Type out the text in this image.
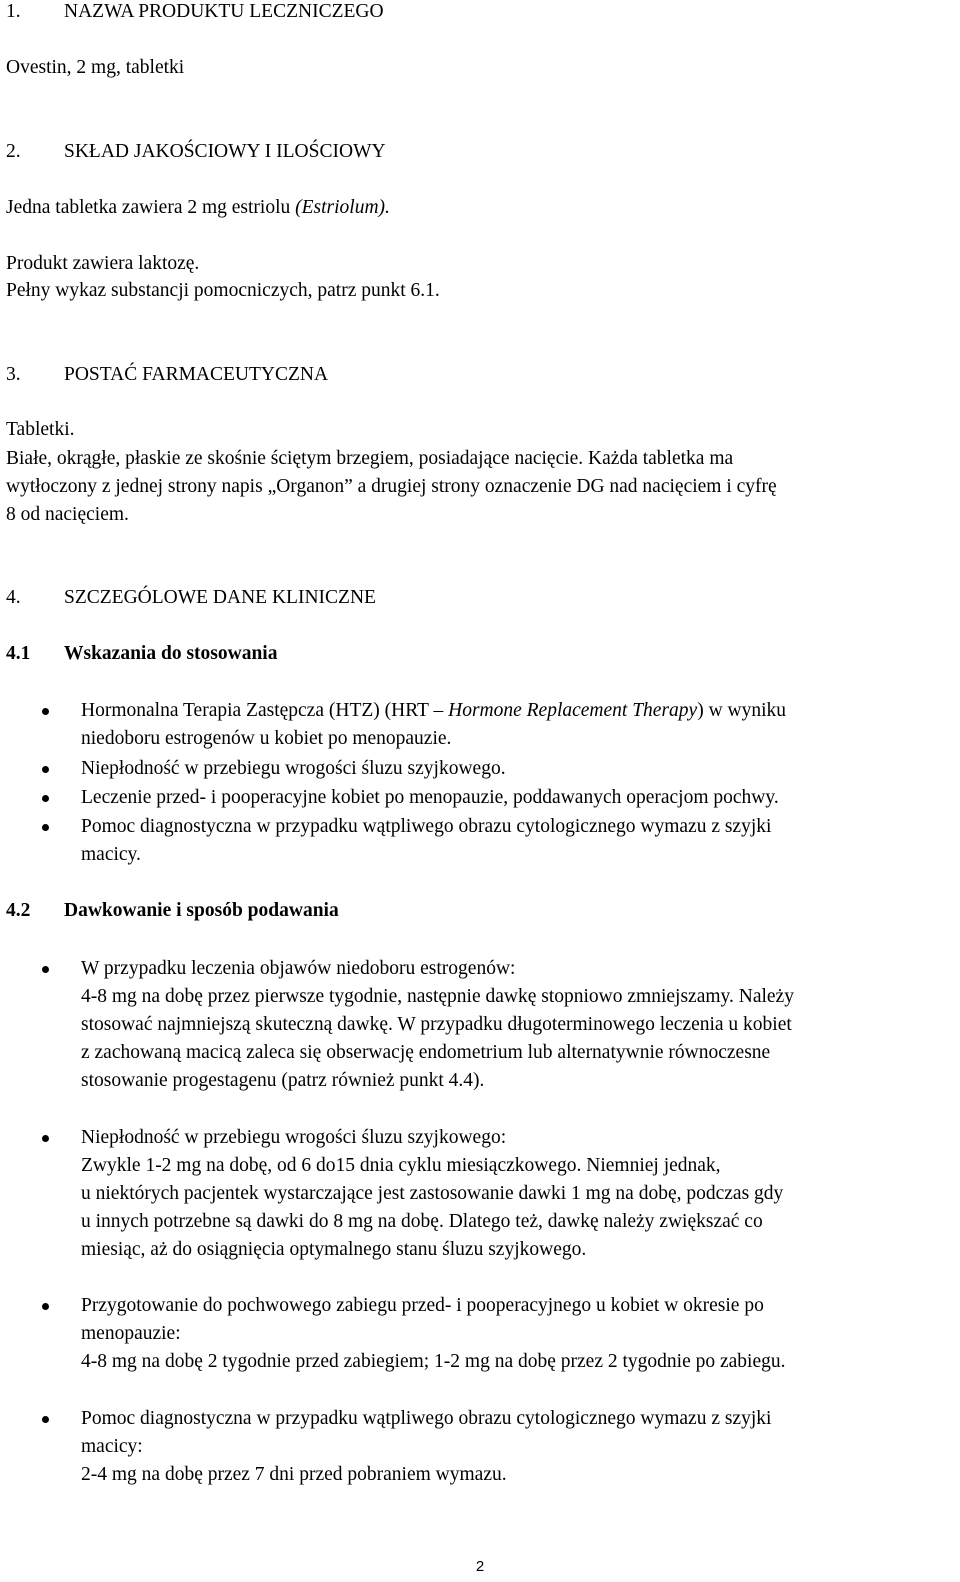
1.	NAZWA PRODUKTU LECZNICZEGO
Ovestin, 2 mg, tabletki
2.	SKŁAD JAKOŚCIOWY I ILOŚCIOWY
Jedna tabletka zawiera 2 mg estriolu (Estriolum).
Produkt zawiera laktozę.
Pełny wykaz substancji pomocniczych, patrz punkt 6.1.
3.	POSTAĆ FARMACEUTYCZNA
Tabletki.
Białe, okrągłe, płaskie ze skośnie ściętym brzegiem, posiadające nacięcie. Każda tabletka ma
wytłoczony z jednej strony napis „Organon” a drugiej strony oznaczenie DG nad nacięciem i cyfrę
8 od nacięciem.
4.	SZCZEGÓLOWE DANE KLINICZNE
4.1	Wskazania do stosowania
Hormonalna Terapia Zastępcza (HTZ) (HRT – Hormone Replacement Therapy) w wyniku
niedoboru estrogenów u kobiet po menopauzie.
Niepłodność w przebiegu wrogości śluzu szyjkowego.
Leczenie przed- i pooperacyjne kobiet po menopauzie, poddawanych operacjom pochwy.
Pomoc diagnostyczna w przypadku wątpliwego obrazu cytologicznego wymazu z szyjki
macicy.
4.2	Dawkowanie i sposób podawania
W przypadku leczenia objawów niedoboru estrogenów:
4-8 mg na dobę przez pierwsze tygodnie, następnie dawkę stopniowo zmniejszamy. Należy
stosować najmniejszą skuteczną dawkę. W przypadku długoterminowego leczenia u kobiet
z zachowaną macicą zaleca się obserwację endometrium lub alternatywnie równoczesne
stosowanie progestagenu (patrz również punkt 4.4).
Niepłodność w przebiegu wrogości śluzu szyjkowego:
Zwykle 1-2 mg na dobę, od 6 do15 dnia cyklu miesiączkowego. Niemniej jednak,
u niektórych pacjentek wystarczające jest zastosowanie dawki 1 mg na dobę, podczas gdy
u innych potrzebne są dawki do 8 mg na dobę. Dlatego też, dawkę należy zwiększać co
miesiąc, aż do osiągnięcia optymalnego stanu śluzu szyjkowego.
Przygotowanie do pochwowego zabiegu przed- i pooperacyjnego u kobiet w okresie po
menopauzie:
4-8 mg na dobę 2 tygodnie przed zabiegiem; 1-2 mg na dobę przez 2 tygodnie po zabiegu.
Pomoc diagnostyczna w przypadku wątpliwego obrazu cytologicznego wymazu z szyjki
macicy:
2-4 mg na dobę przez 7 dni przed pobraniem wymazu.
2
